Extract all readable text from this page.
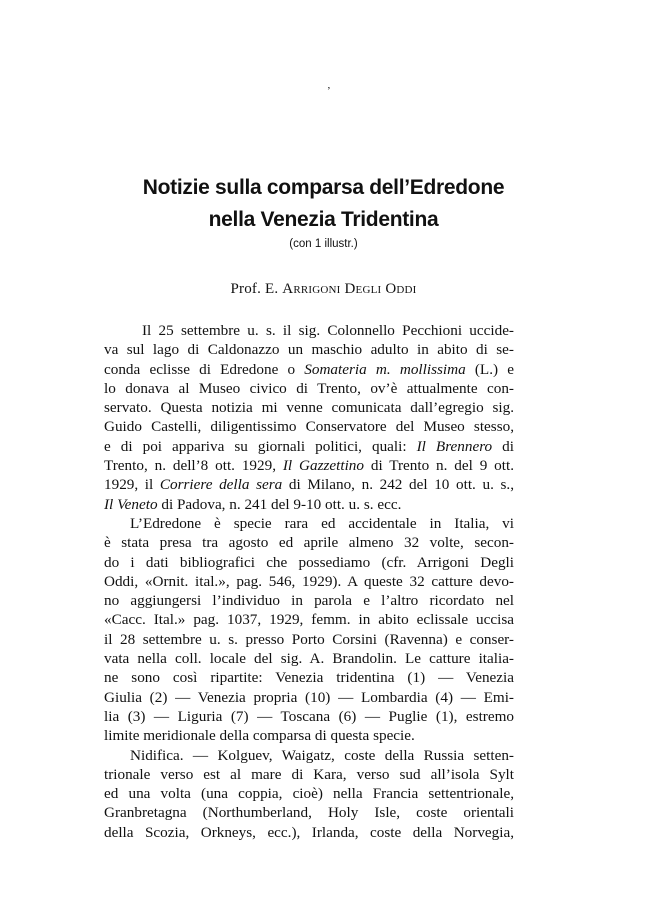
‚
Notizie sulla comparsa dell’Edredone
nella Venezia Tridentina
(con 1 illustr.)
Prof. E. Arrigoni Degli Oddi
Il 25 settembre u. s. il sig. Colonnello Pecchioni uccide-
va sul lago di Caldonazzo un maschio adulto in abito di se-
conda eclisse di Edredone o Somateria m. mollissima (L.) e
lo donava al Museo civico di Trento, ov’è attualmente con-
servato. Questa notizia mi venne comunicata dall’egregio sig.
Guido Castelli, diligentissimo Conservatore del Museo stesso,
e di poi appariva su giornali politici, quali: Il Brennero di
Trento, n. dell’8 ott. 1929, Il Gazzettino di Trento n. del 9 ott.
1929, il Corriere della sera di Milano, n. 242 del 10 ott. u. s.,
Il Veneto di Padova, n. 241 del 9-10 ott. u. s. ecc.
L’Edredone è specie rara ed accidentale in Italia, vi
è stata presa tra agosto ed aprile almeno 32 volte, secon-
do i dati bibliografici che possediamo (cfr. Arrigoni Degli
Oddi, «Ornit. ital.», pag. 546, 1929). A queste 32 catture devo-
no aggiungersi l’individuo in parola e l’altro ricordato nel
«Cacc. Ital.» pag. 1037, 1929, femm. in abito eclissale uccisa
il 28 settembre u. s. presso Porto Corsini (Ravenna) e conser-
vata nella coll. locale del sig. A. Brandolin. Le catture italia-
ne sono così ripartite: Venezia tridentina (1) — Venezia
Giulia (2) — Venezia propria (10) — Lombardia (4) — Emi-
lia (3) — Liguria (7) — Toscana (6) — Puglie (1), estremo
limite meridionale della comparsa di questa specie.
Nidifica. — Kolguev, Waigatz, coste della Russia setten-
trionale verso est al mare di Kara, verso sud all’isola Sylt
ed una volta (una coppia, cioè) nella Francia settentrionale,
Granbretagna (Northumberland, Holy Isle, coste orientali
della Scozia, Orkneys, ecc.), Irlanda, coste della Norvegia,
